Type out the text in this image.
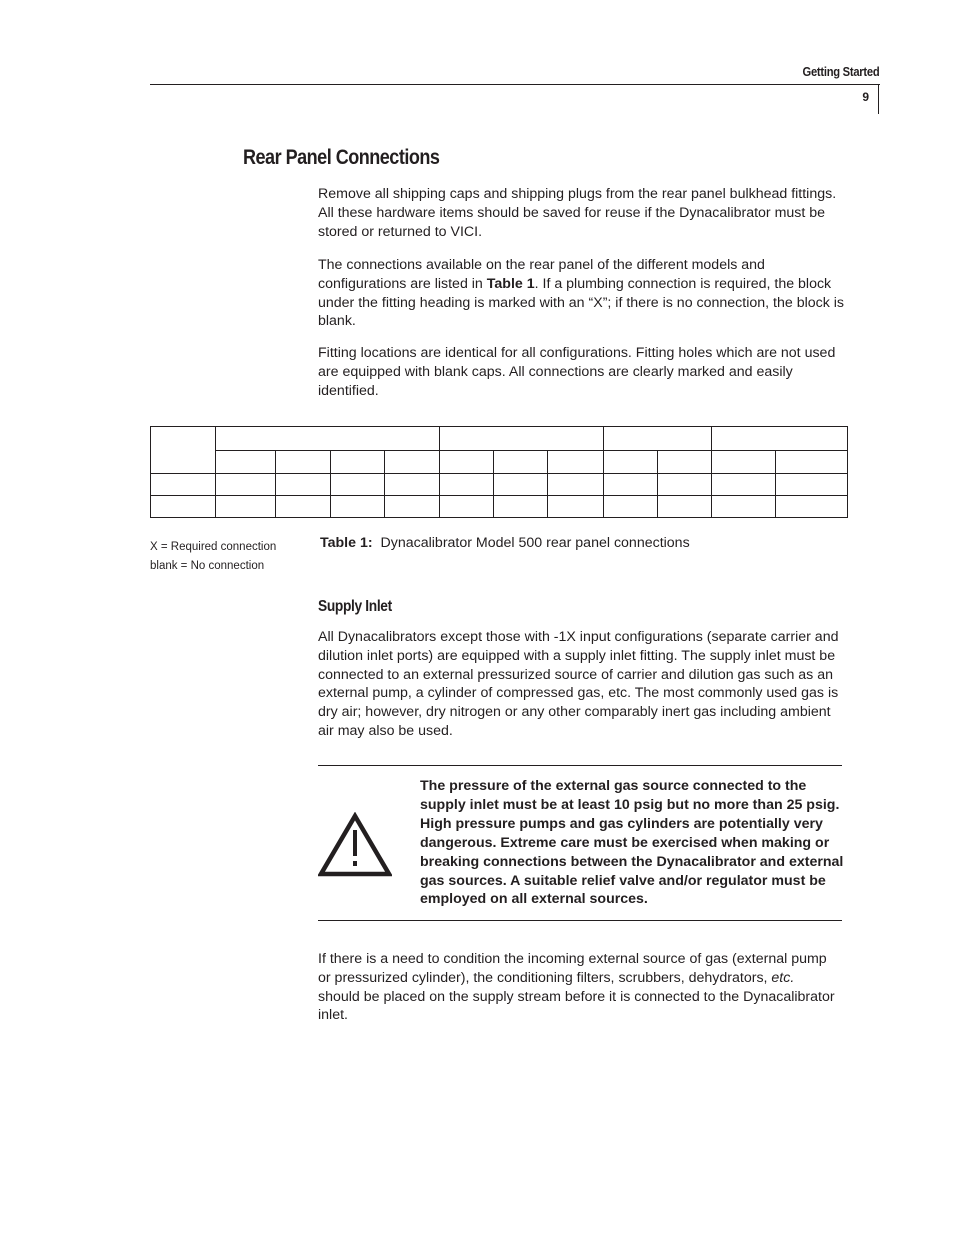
Getting Started
9
Rear Panel Connections
Remove all shipping caps and shipping plugs from the rear panel bulkhead fittings. All these hardware items should be saved for reuse if the Dynacalibrator must be stored or returned to VICI.
The connections available on the rear panel of the different models and configurations are listed in Table 1. If a plumbing connection is required, the block under the fitting heading is marked with an “X”; if there is no connection, the block is blank.
Fitting locations are identical for all configurations. Fitting holes which are not used are equipped with blank caps. All connections are clearly marked and easily identified.

X = Required connection
blank = No connection
Table 1: Dynacalibrator Model 500 rear panel connections
Supply Inlet
All Dynacalibrators except those with -1X input configurations (separate carrier and dilution inlet ports) are equipped with a supply inlet fitting. The supply inlet must be connected to an external pressurized source of carrier and dilution gas such as an external pump, a cylinder of compressed gas, etc. The most commonly used gas is dry air; however, dry nitrogen or any other comparably inert gas including ambient air may also be used.
The pressure of the external gas source connected to the supply inlet must be at least 10 psig but no more than 25 psig. High pressure pumps and gas cylinders are potentially very dangerous. Extreme care must be exercised when making or breaking connections between the Dynacalibrator and external gas sources. A suitable relief valve and/or regulator must be employed on all external sources.
If there is a need to condition the incoming external source of gas (external pump or pressurized cylinder), the conditioning filters, scrubbers, dehydrators, etc. should be placed on the supply stream before it is connected to the Dynacalibrator inlet.
